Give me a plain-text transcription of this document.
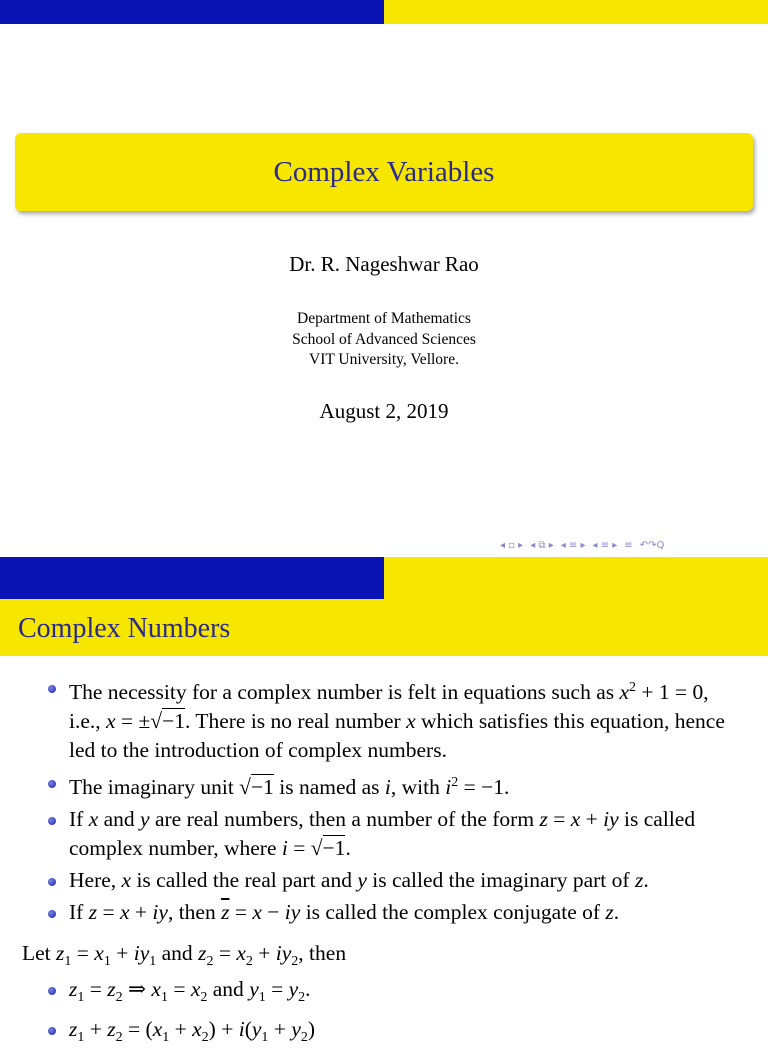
Complex Variables
Dr. R. Nageshwar Rao
Department of Mathematics
School of Advanced Sciences
VIT University, Vellore.
August 2, 2019
◂ ▫ ▸ ◂ ⧉ ▸ ◂ ≡ ▸ ◂ ≡ ▸ ≡ ↶↷Q
Complex Numbers
The necessity for a complex number is felt in equations such as $x^2 + 1 = 0$, i.e., x = ±√−1. There is no real number x which satisfies this equation, hence led to the introduction of complex numbers.
The imaginary unit √−1 is named as i, with $i^2 = -1$.
If x and y are real numbers, then a number of the form z = x + iy is called complex number, where i = √−1.
Here, x is called the real part and y is called the imaginary part of z.
If z = x + iy, then $\overline{z} = x$ − iy is called the complex conjugate of z.
Let $z_1 = x_1 + iy_1$ and $z_2 = x_2 + iy_2$, then
$z_1 = z_2$ ⇒ $x_1 = x_2$ and $y_1 = y_2$.
$z_1 + z_2 = (x_1 + x_2) + i(y_1 + y_2)$
